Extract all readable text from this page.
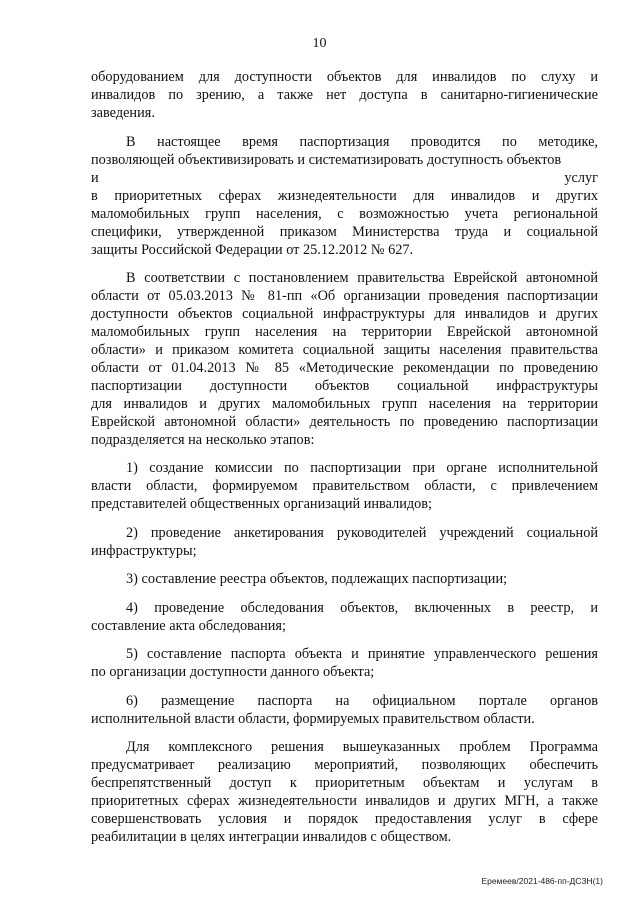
10
оборудованием для доступности объектов для инвалидов по слуху и
инвалидов по зрению, а также нет доступа в санитарно-гигиенические
заведения.
В настоящее время паспортизация проводится по методике,
позволяющей объективизировать и систематизировать доступность объектов
и услуг
в приоритетных сферах жизнедеятельности для инвалидов и других
маломобильных групп населения, с возможностью учета региональной
специфики, утвержденной приказом Министерства труда и социальной
защиты Российской Федерации от 25.12.2012 № 627.
В соответствии с постановлением правительства Еврейской автономной
области от 05.03.2013 № 81-пп «Об организации проведения паспортизации
доступности объектов социальной инфраструктуры для инвалидов и других
маломобильных групп населения на территории Еврейской автономной
области» и приказом комитета социальной защиты населения правительства
области от 01.04.2013 № 85 «Методические рекомендации по проведению
паспортизации доступности объектов социальной инфраструктуры
для инвалидов и других маломобильных групп населения на территории
Еврейской автономной области» деятельность по проведению паспортизации
подразделяется на несколько этапов:
1) создание комиссии по паспортизации при органе исполнительной
власти области, формируемом правительством области, с привлечением
представителей общественных организаций инвалидов;
2) проведение анкетирования руководителей учреждений социальной
инфраструктуры;
3) составление реестра объектов, подлежащих паспортизации;
4) проведение обследования объектов, включенных в реестр, и
составление акта обследования;
5) составление паспорта объекта и принятие управленческого решения
по организации доступности данного объекта;
6) размещение паспорта на официальном портале органов
исполнительной власти области, формируемых правительством области.
Для комплексного решения вышеуказанных проблем Программа
предусматривает реализацию мероприятий, позволяющих обеспечить
беспрепятственный доступ к приоритетным объектам и услугам в
приоритетных сферах жизнедеятельности инвалидов и других МГН, а также
совершенствовать условия и порядок предоставления услуг в сфере
реабилитации в целях интеграции инвалидов с обществом.
Еремеев/2021-486-пп-ДСЗН(1)
